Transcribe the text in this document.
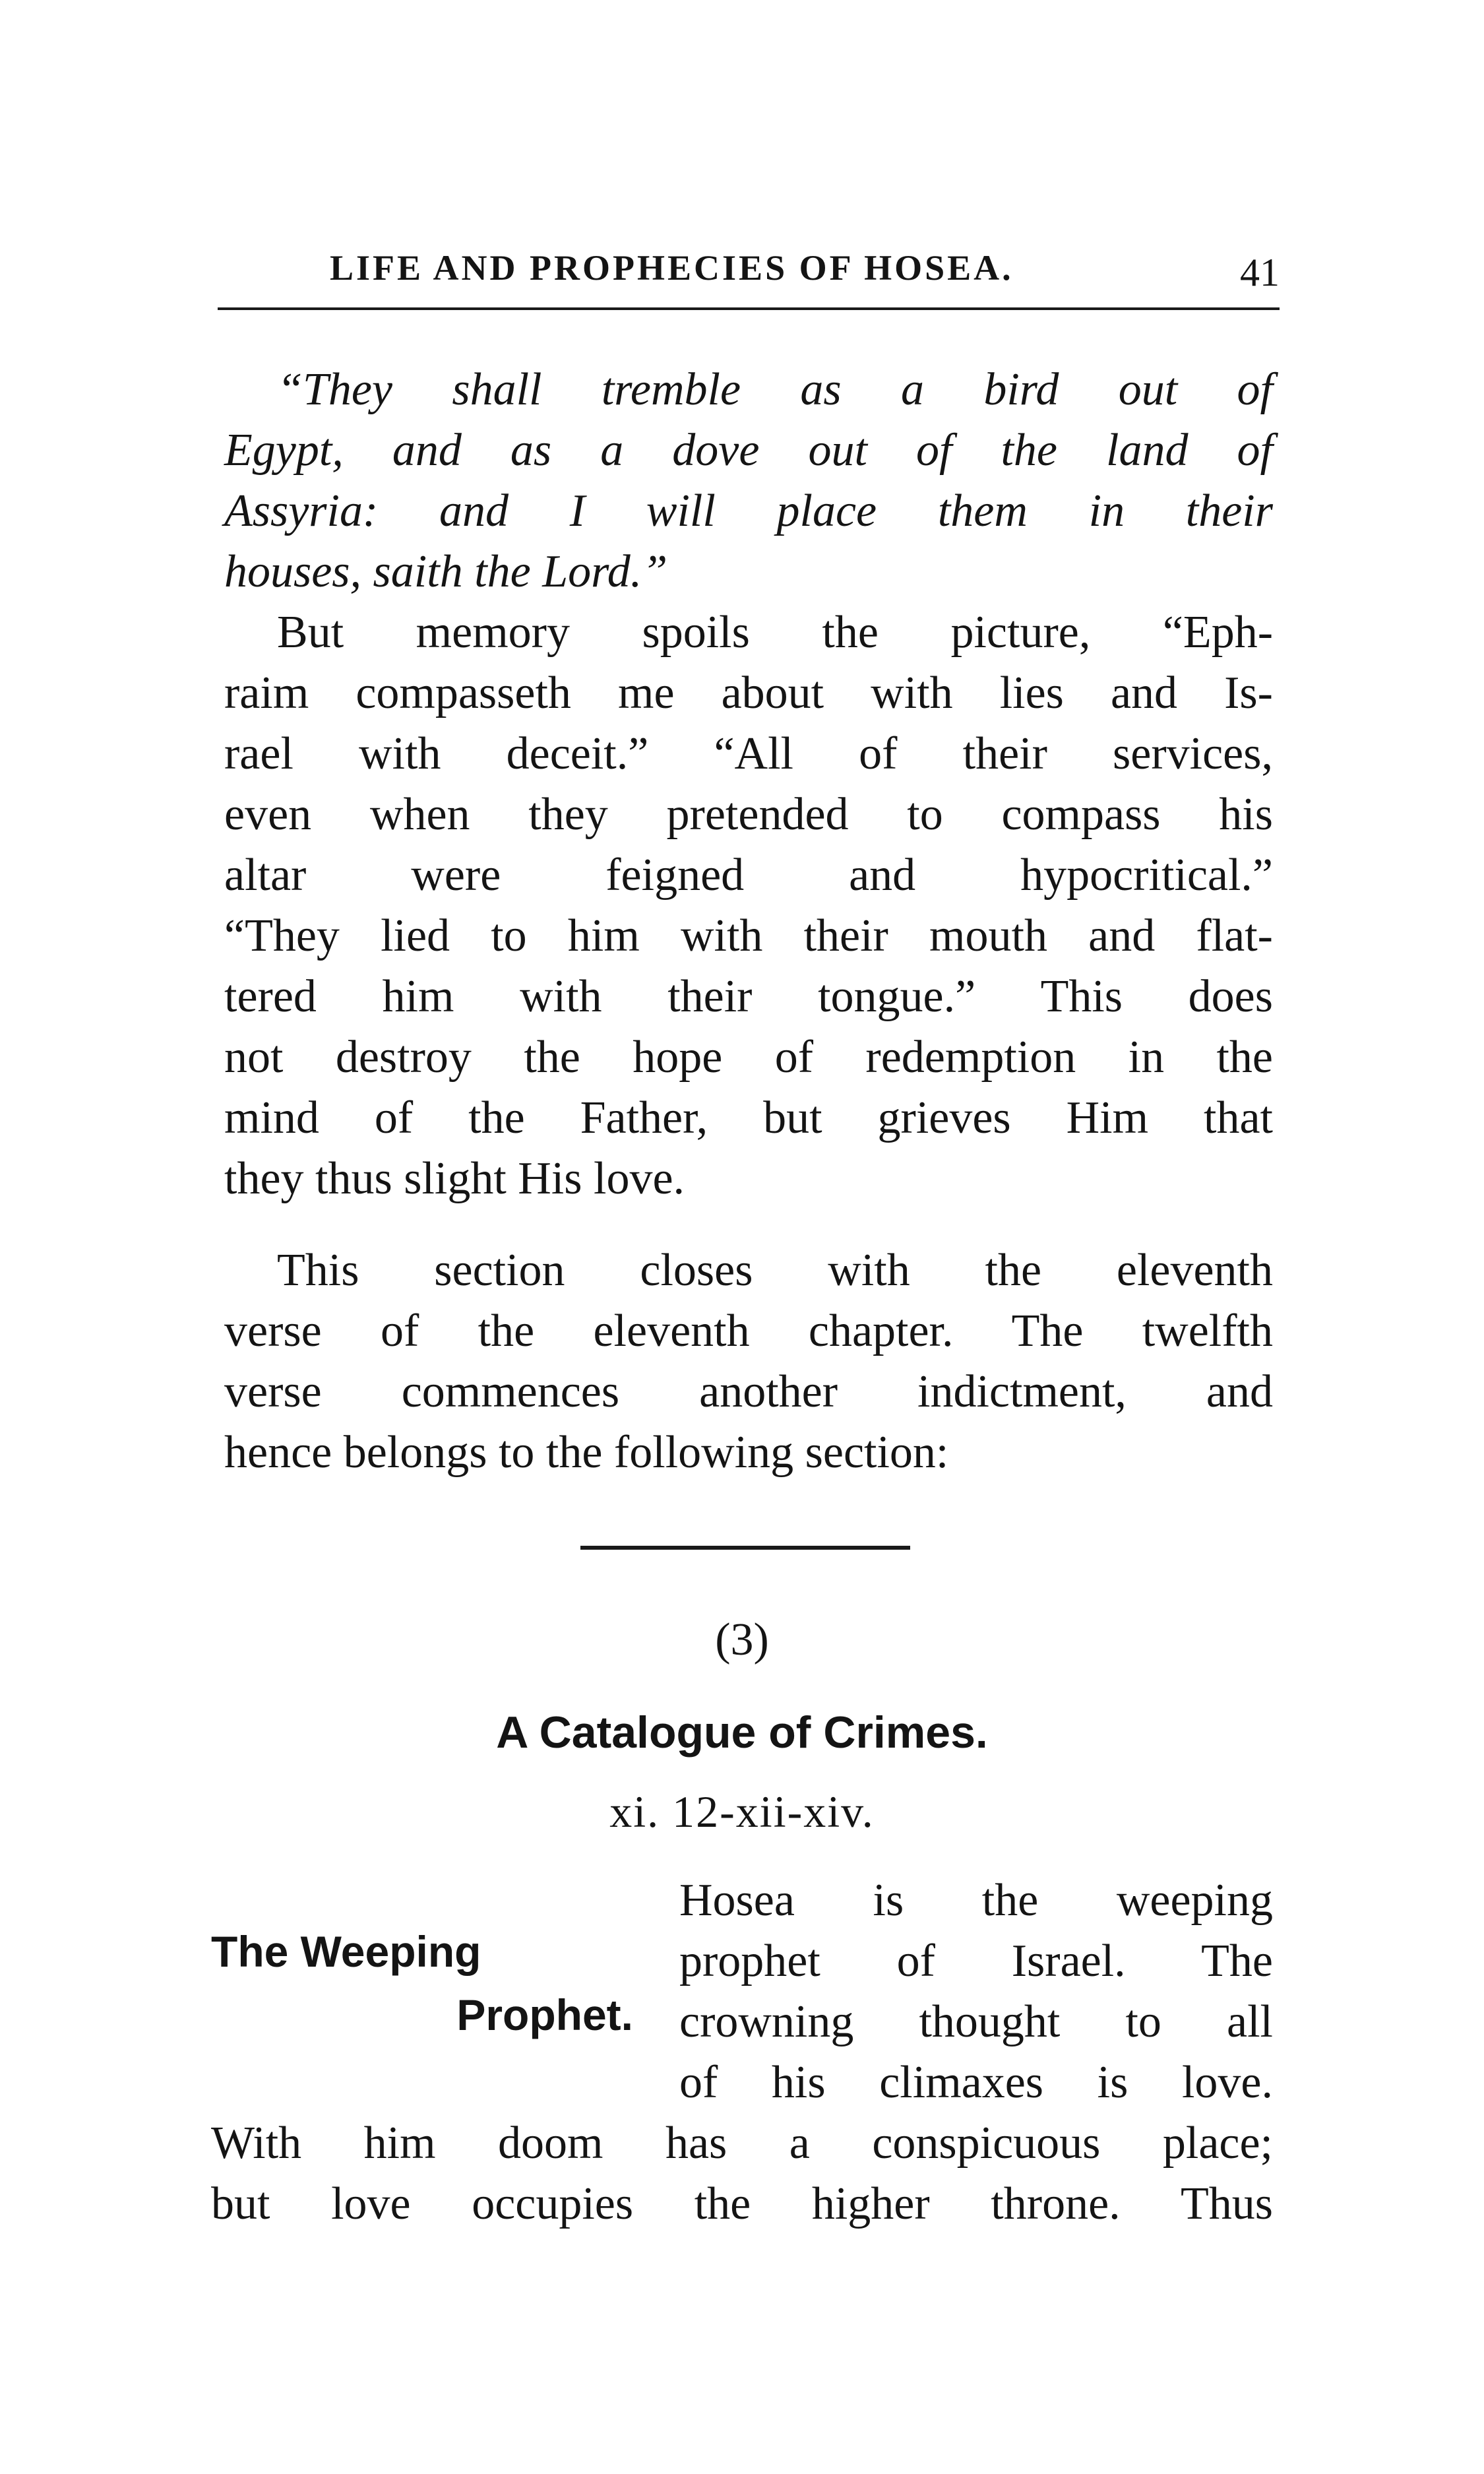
LIFE AND PROPHECIES OF HOSEA.	41
“They shall tremble as a bird out of
Egypt, and as a dove out of the land of
Assyria: and I will place them in their
houses, saith the Lord.”
But memory spoils the picture, “Eph-
raim compasseth me about with lies and Is-
rael with deceit.” “All of their services,
even when they pretended to compass his
altar were feigned and hypocritical.”
“They lied to him with their mouth and flat-
tered him with their tongue.” This does
not destroy the hope of redemption in the
mind of the Father, but grieves Him that
they thus slight His love.
This section closes with the eleventh
verse of the eleventh chapter. The twelfth
verse commences another indictment, and
hence belongs to the following section:
(3)
A Catalogue of Crimes.
xi. 12-xii-xiv.
The Weeping
Prophet.
Hosea is the weeping
prophet of Israel. The
crowning thought to all
of his climaxes is love.
With him doom has a conspicuous place;
but love occupies the higher throne. Thus
